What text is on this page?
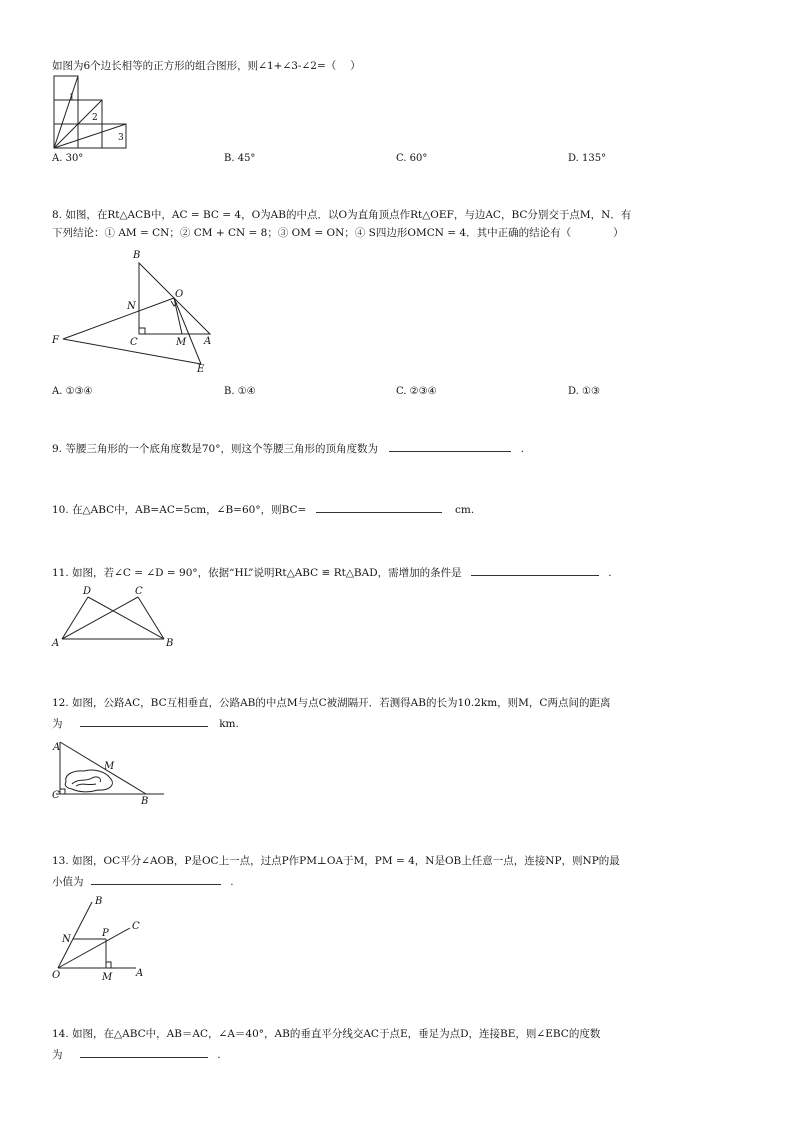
如图为6个边长相等的正方形的组合图形，则∠1+∠3-∠2=（　 ）
1
2
3
A. 30°	B. 45°	C. 60°	D. 135°
8. 如图，在Rt△ACB中，AC = BC = 4，O为AB的中点．以O为直角顶点作Rt△OEF，与边AC，BC分别交于点M，N．有
下列结论：① AM = CN；② CM + CN = 8；③ OM = ON；④ S四边形OMCN = 4．其中正确的结论有（　　　　）
B
O
N
F	C	M A
E
A. ①③④	B. ①④	C. ②③④	D. ①③
9. 等腰三角形的一个底角度数是70°，则这个等腰三角形的顶角度数为	.
10. 在△ABC中，AB=AC=5cm，∠B=60°，则BC=	cm.
11. 如图，若∠C = ∠D = 90°，依据“HL”说明Rt△ABC ≌ Rt△BAD，需增加的条件是	.
D	C
A	B
12. 如图，公路AC，BC互相垂直，公路AB的中点M与点C被湖隔开．若测得AB的长为10.2km，则M，C两点间的距离
为	km.
A
M
C
B
13. 如图，OC平分∠AOB，P是OC上一点，过点P作PM⊥OA于M，PM = 4，N是OB上任意一点，连接NP，则NP的最
小值为	.
B
C
N
P
O	M A
14. 如图，在△ABC中，AB＝AC，∠A＝40°，AB的垂直平分线交AC于点E，垂足为点D，连接BE，则∠EBC的度数
为	.
